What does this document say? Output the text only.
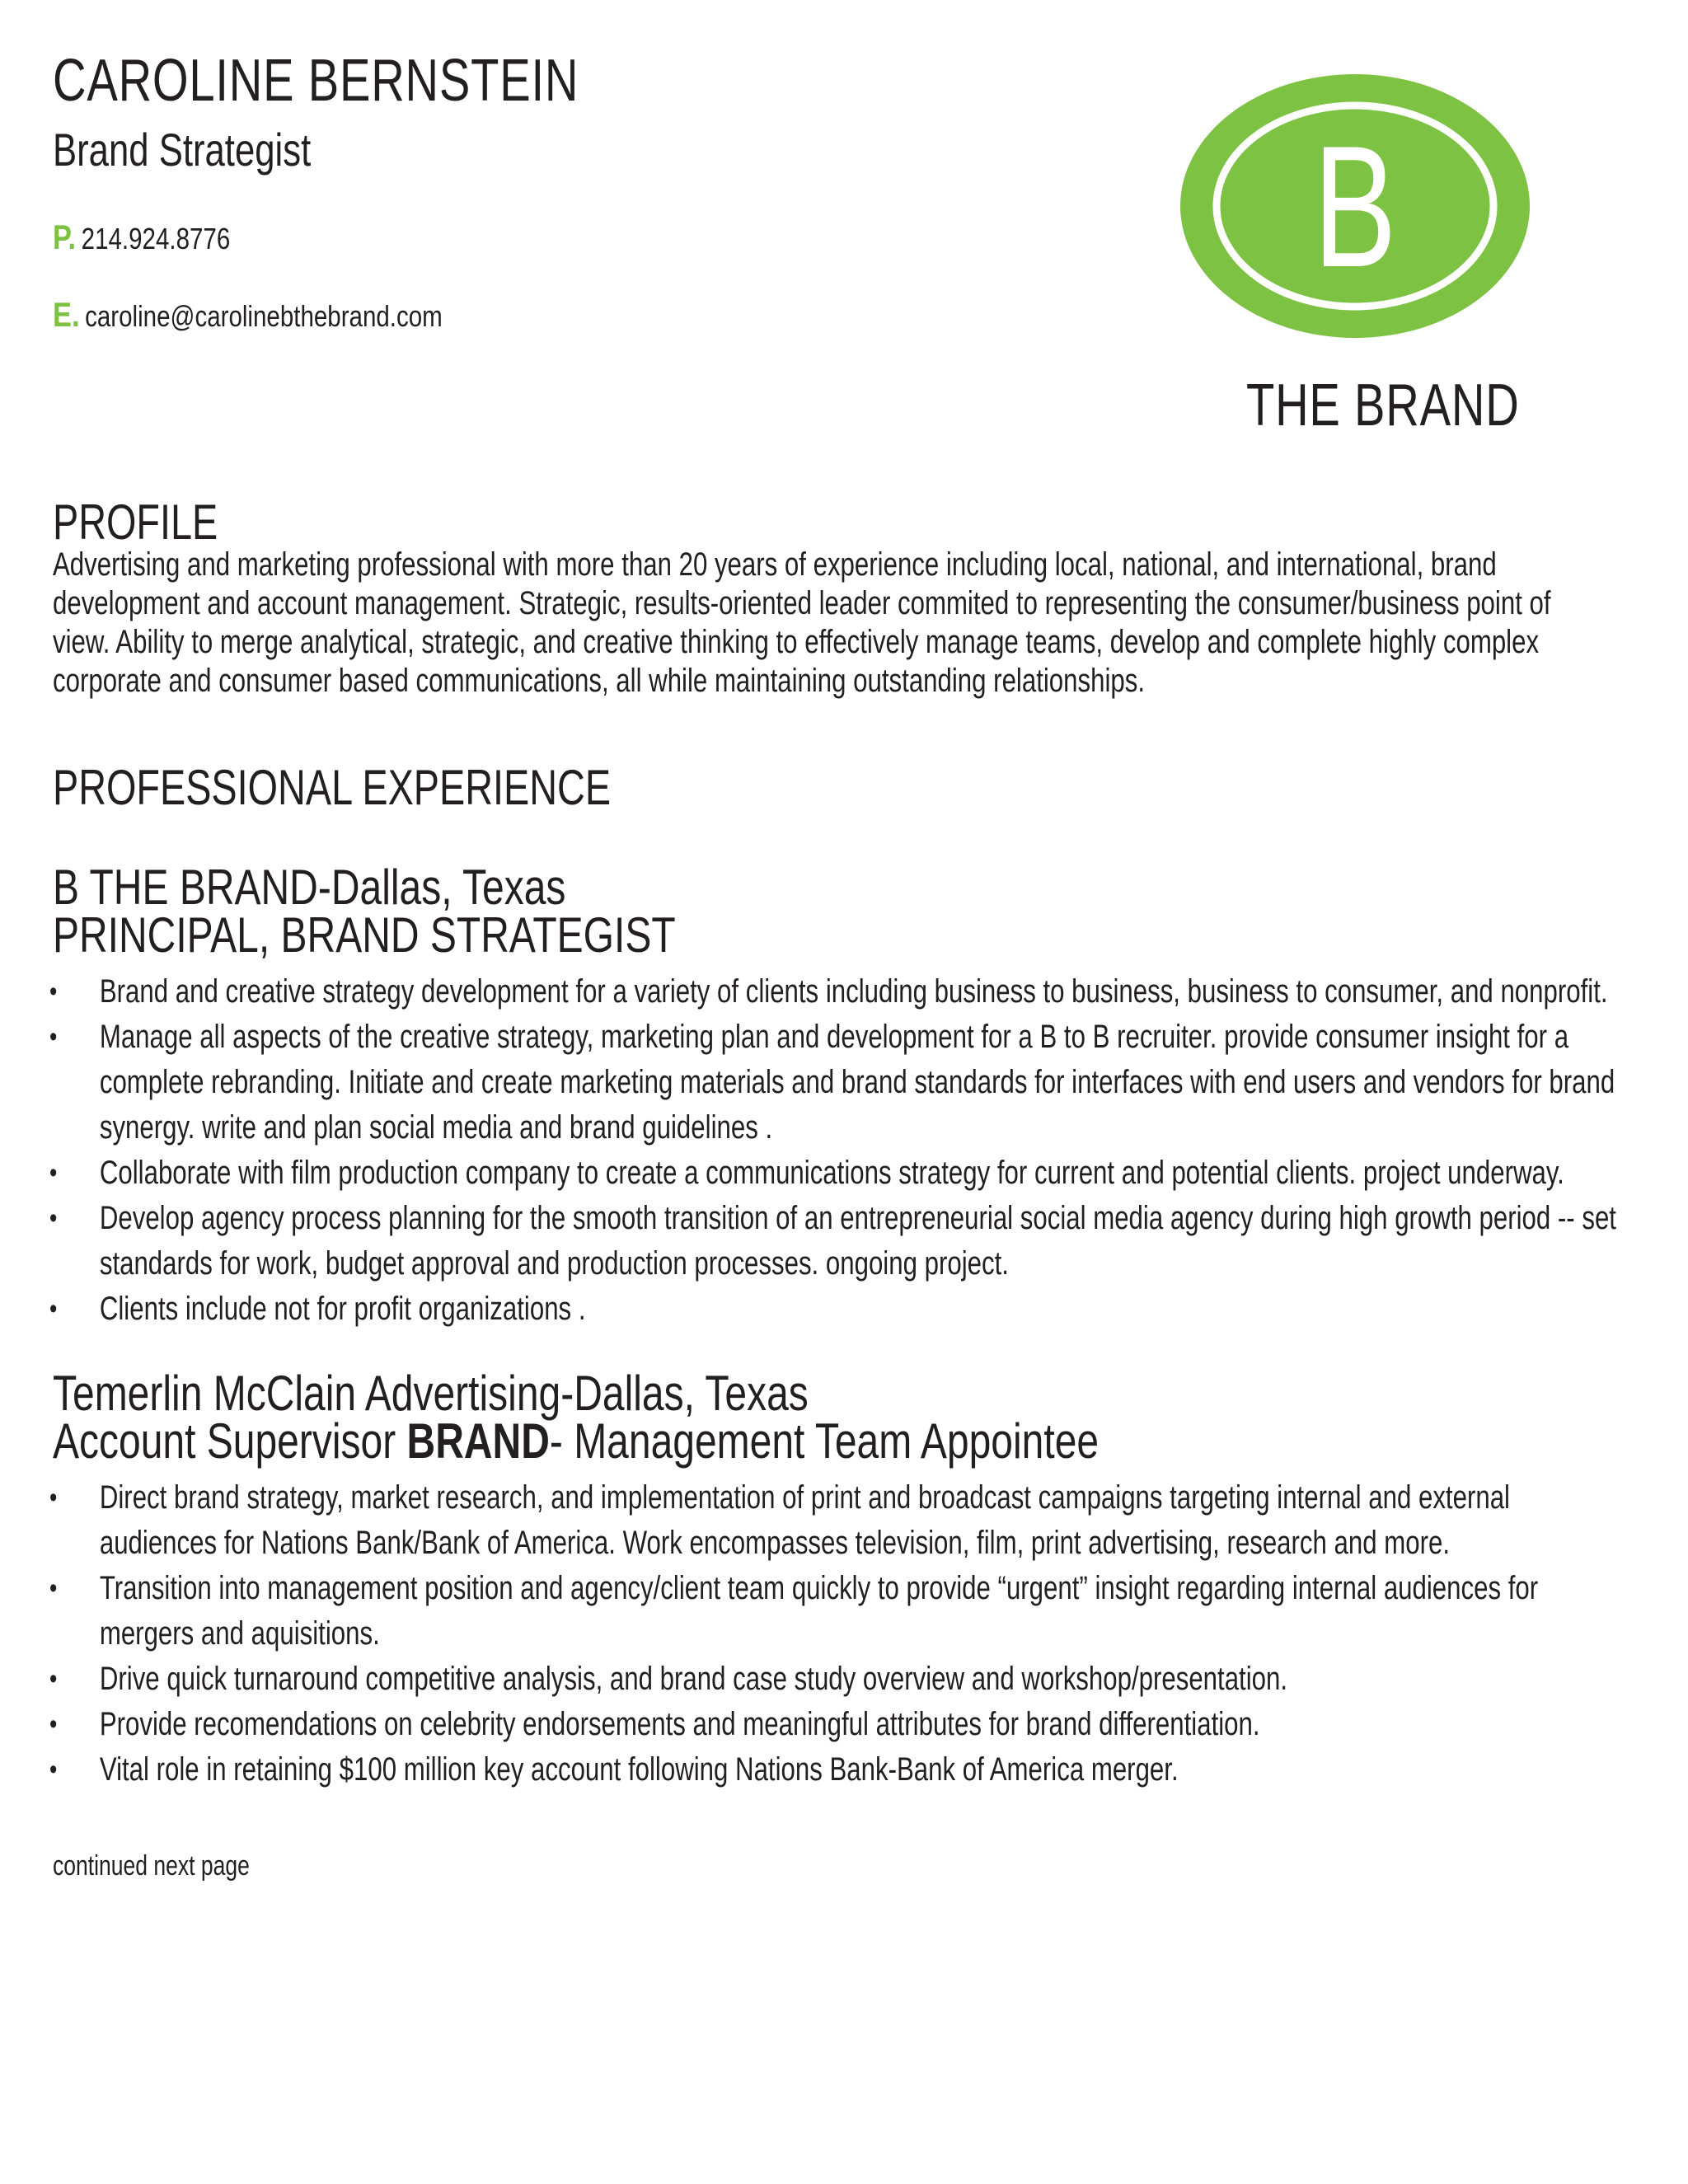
CAROLINE BERNSTEIN
Brand Strategist
P. 214.924.8776
E. caroline@carolinebthebrand.com
B
THE BRAND
PROFILE

Advertising and marketing professional with more than 20 years of experience including local, national, and international, brand

development and account management. Strategic, results-oriented leader commited to representing the consumer/business point of

view. Ability to merge analytical, strategic, and creative thinking to effectively manage teams, develop and complete highly complex

corporate and consumer based communications, all while maintaining outstanding relationships.

PROFESSIONAL EXPERIENCE
B THE BRAND-Dallas, Texas
PRINCIPAL, BRAND STRATEGIST
• Brand and creative strategy development for a variety of clients including business to business, business to consumer, and nonprofit.
• Manage all aspects of the creative strategy, marketing plan and development for a B to B recruiter. provide consumer insight for a
complete rebranding. Initiate and create marketing materials and brand standards for interfaces with end users and vendors for brand
synergy. write and plan social media and brand guidelines .
• Collaborate with film production company to create a communications strategy for current and potential clients. project underway.
• Develop agency process planning for the smooth transition of an entrepreneurial social media agency during high growth period -- set
standards for work, budget approval and production processes. ongoing project.
• Clients include not for profit organizations .
Temerlin McClain Advertising-Dallas, Texas
Account Supervisor BRAND- Management Team Appointee
• Direct brand strategy, market research, and implementation of print and broadcast campaigns targeting internal and external
audiences for Nations Bank/Bank of America. Work encompasses television, film, print advertising, research and more.
• Transition into management position and agency/client team quickly to provide “urgent” insight regarding internal audiences for
mergers and aquisitions.
• Drive quick turnaround competitive analysis, and brand case study overview and workshop/presentation.
• Provide recomendations on celebrity endorsements and meaningful attributes for brand differentiation.
• Vital role in retaining $100 million key account following Nations Bank-Bank of America merger.
continued next page
